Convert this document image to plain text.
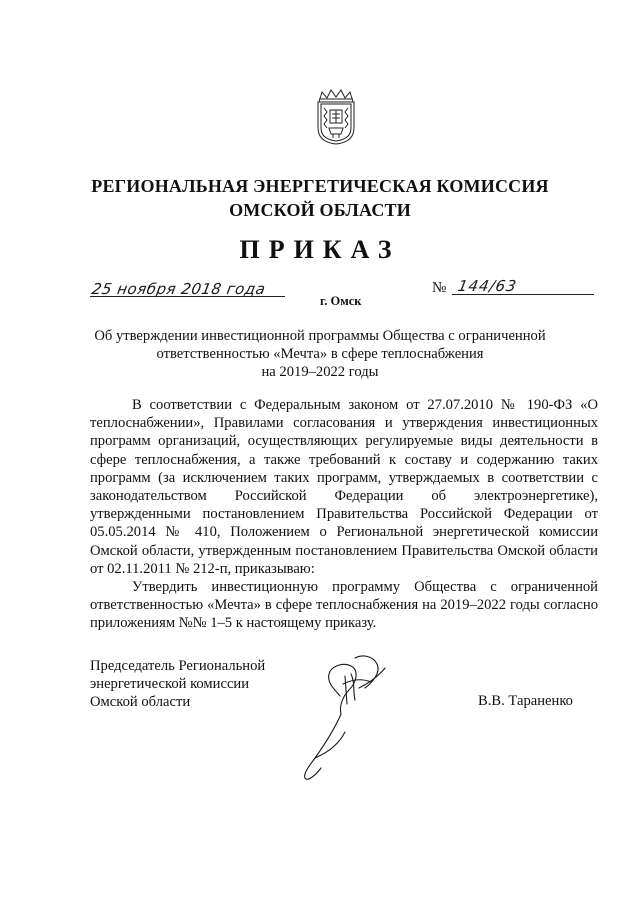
РЕГИОНАЛЬНАЯ ЭНЕРГЕТИЧЕСКАЯ КОМИССИЯ
ОМСКОЙ ОБЛАСТИ
ПРИКАЗ
25 ноября 2018 года	№ 144/63
г. Омск
Об утверждении инвестиционной программы Общества с ограниченной
ответственностью «Мечта» в сфере теплоснабжения
на 2019–2022 годы

В соответствии с Федеральным законом от 27.07.2010 № 190-ФЗ «О теплоснабжении», Правилами согласования и утверждения инвестиционных программ организаций, осуществляющих регулируемые виды деятельности в сфере теплоснабжения, а также требований к составу и содержанию таких программ (за исключением таких программ, утверждаемых в соответствии с законодательством Российской Федерации об электроэнергетике), утвержденными постановлением Правительства Российской Федерации от 05.05.2014 № 410, Положением о Региональной энергетической комиссии Омской области, утвержденным постановлением Правительства Омской области от 02.11.2011 № 212-п, приказываю:

Утвердить инвестиционную программу Общества с ограниченной ответственностью «Мечта» в сфере теплоснабжения на 2019–2022 годы согласно приложениям №№ 1–5 к настоящему приказу.

Председатель Региональной
энергетической комиссии
Омской области	В.В. Тараненко
